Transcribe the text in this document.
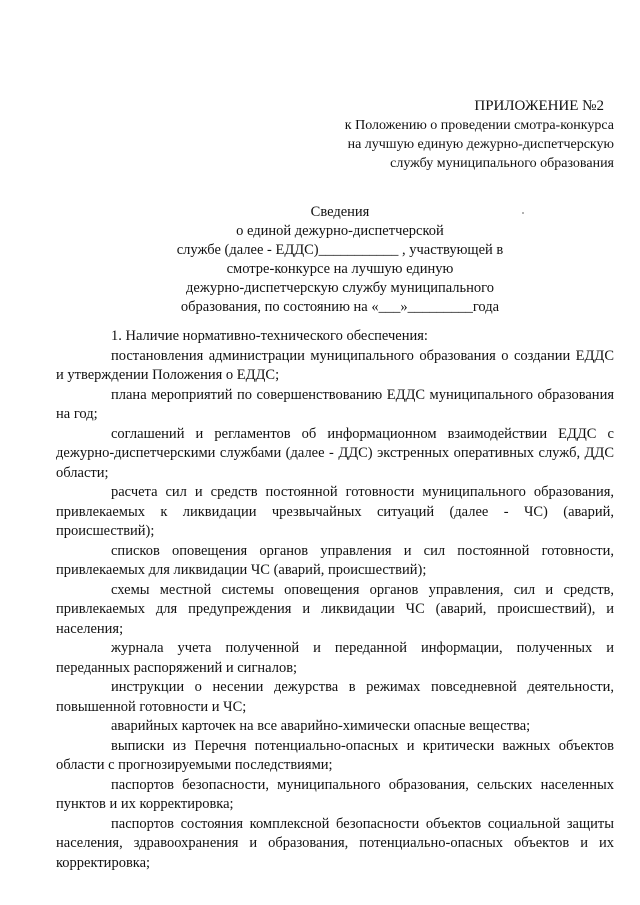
ПРИЛОЖЕНИЕ №2
к Положению о проведении смотра-конкурса
на лучшую единую дежурно-диспетчерскую
службу муниципального образования
Сведения
о единой дежурно-диспетчерской
службе (далее - ЕДДС)___________ , участвующей в
смотре-конкурсе на лучшую единую
дежурно-диспетчерскую службу муниципального
образования, по состоянию на «___»_________года

1. Наличие нормативно-технического обеспечения:

постановления администрации муниципального образования о создании ЕДДС и утверждении Положения о ЕДДС;

плана мероприятий по совершенствованию ЕДДС муниципального образования на год;

соглашений и регламентов об информационном взаимодействии ЕДДС с дежурно-диспетчерскими службами (далее - ДДС) экстренных оперативных служб, ДДС области;

расчета сил и средств постоянной готовности муниципального образования, привлекаемых к ликвидации чрезвычайных ситуаций (далее - ЧС) (аварий, происшествий);

списков оповещения органов управления и сил постоянной готовности, привлекаемых для ликвидации ЧС (аварий, происшествий);

схемы местной системы оповещения органов управления, сил и средств, привлекаемых для предупреждения и ликвидации ЧС (аварий, происшествий), и населения;

журнала учета полученной и переданной информации, полученных и переданных распоряжений и сигналов;

инструкции о несении дежурства в режимах повседневной деятельности, повышенной готовности и ЧС;

аварийных карточек на все аварийно-химически опасные вещества;

выписки из Перечня потенциально-опасных и критически важных объектов области с прогнозируемыми последствиями;

паспортов безопасности, муниципального образования, сельских населенных пунктов и их корректировка;

паспортов состояния комплексной безопасности объектов социальной защиты населения, здравоохранения и образования, потенциально-опасных объектов и их корректировка;
